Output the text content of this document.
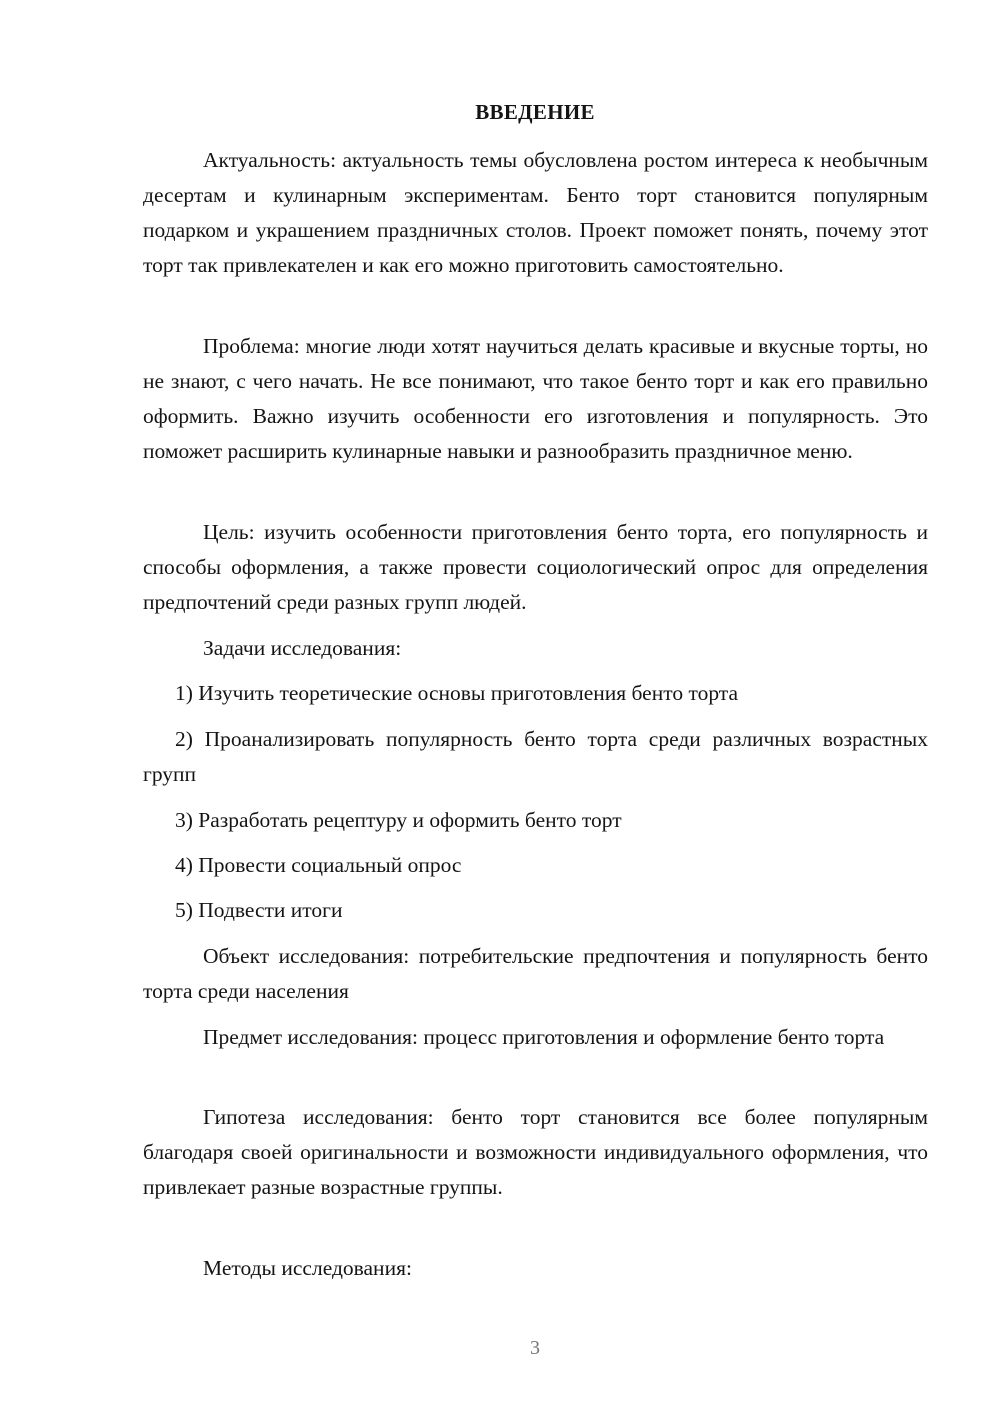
ВВЕДЕНИЕ

Актуальность: актуальность темы обусловлена ростом интереса к необычным десертам и кулинарным экспериментам. Бенто торт становится популярным подарком и украшением праздничных столов. Проект поможет понять, почему этот торт так привлекателен и как его можно приготовить самостоятельно.

Проблема: многие люди хотят научиться делать красивые и вкусные торты, но не знают, с чего начать. Не все понимают, что такое бенто торт и как его правильно оформить. Важно изучить особенности его изготовления и популярность. Это поможет расширить кулинарные навыки и разнообразить праздничное меню.

Цель: изучить особенности приготовления бенто торта, его популярность и способы оформления, а также провести социологический опрос для определения предпочтений среди разных групп людей.

Задачи исследования:

1) Изучить теоретические основы приготовления бенто торта

2) Проанализировать популярность бенто торта среди различных возрастных групп

3) Разработать рецептуру и оформить бенто торт

4) Провести социальный опрос

5) Подвести итоги

Объект исследования: потребительские предпочтения и популярность бенто торта среди населения

Предмет исследования: процесс приготовления и оформление бенто торта

Гипотеза исследования: бенто торт становится все более популярным благодаря своей оригинальности и возможности индивидуального оформления, что привлекает разные возрастные группы.

Методы исследования:

3
